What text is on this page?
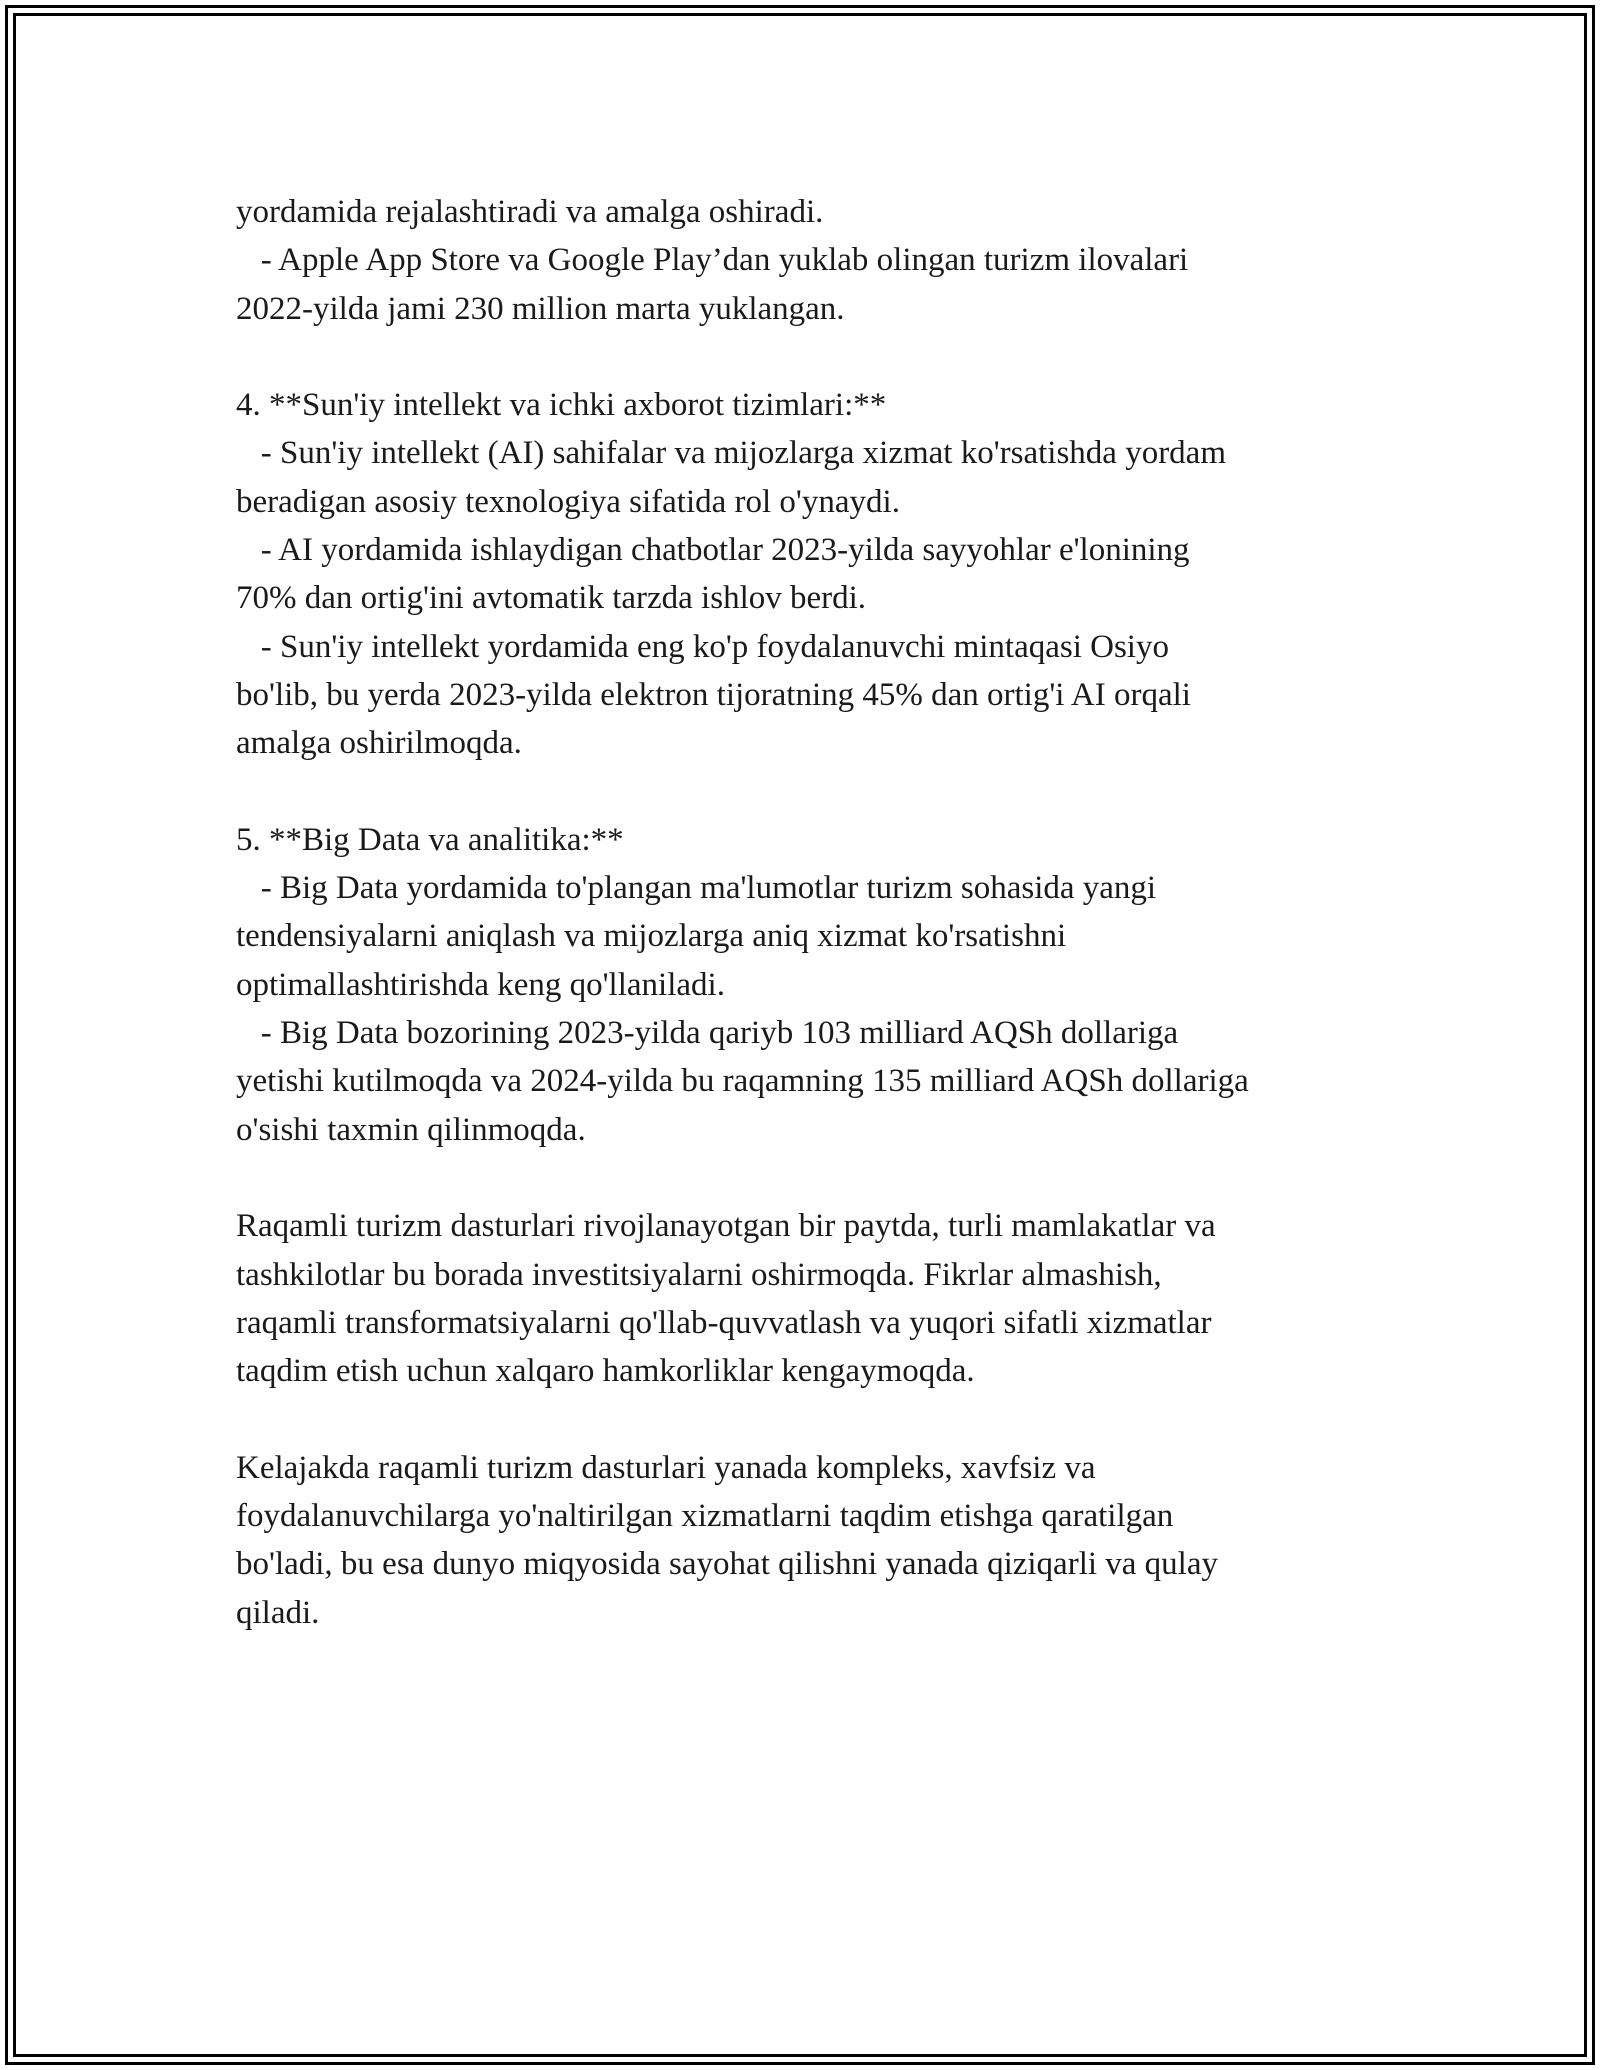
yordamida rejalashtiradi va amalga oshiradi.
- Apple App Store va Google Play’dan yuklab olingan turizm ilovalari
2022-yilda jami 230 million marta yuklangan.
4. **Sun'iy intellekt va ichki axborot tizimlari:**
- Sun'iy intellekt (AI) sahifalar va mijozlarga xizmat ko'rsatishda yordam
beradigan asosiy texnologiya sifatida rol o'ynaydi.
- AI yordamida ishlaydigan chatbotlar 2023-yilda sayyohlar e'lonining
70% dan ortig'ini avtomatik tarzda ishlov berdi.
- Sun'iy intellekt yordamida eng ko'p foydalanuvchi mintaqasi Osiyo
bo'lib, bu yerda 2023-yilda elektron tijoratning 45% dan ortig'i AI orqali
amalga oshirilmoqda.
5. **Big Data va analitika:**
- Big Data yordamida to'plangan ma'lumotlar turizm sohasida yangi
tendensiyalarni aniqlash va mijozlarga aniq xizmat ko'rsatishni
optimallashtirishda keng qo'llaniladi.
- Big Data bozorining 2023-yilda qariyb 103 milliard AQSh dollariga
yetishi kutilmoqda va 2024-yilda bu raqamning 135 milliard AQSh dollariga
o'sishi taxmin qilinmoqda.
Raqamli turizm dasturlari rivojlanayotgan bir paytda, turli mamlakatlar va
tashkilotlar bu borada investitsiyalarni oshirmoqda. Fikrlar almashish,
raqamli transformatsiyalarni qo'llab-quvvatlash va yuqori sifatli xizmatlar
taqdim etish uchun xalqaro hamkorliklar kengaymoqda.
Kelajakda raqamli turizm dasturlari yanada kompleks, xavfsiz va
foydalanuvchilarga yo'naltirilgan xizmatlarni taqdim etishga qaratilgan
bo'ladi, bu esa dunyo miqyosida sayohat qilishni yanada qiziqarli va qulay
qiladi.
